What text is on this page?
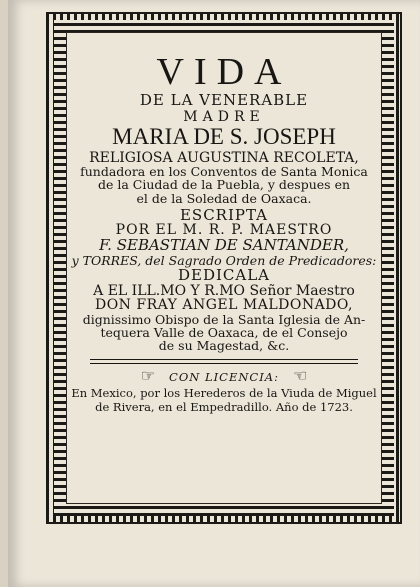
VIDA
DE LA VENERABLE
MADRE
MARIA DE S. JOSEPH
RELIGIOSA AUGUSTINA RECOLETA,
fundadora en los Conventos de Santa Monica
de la Ciudad de la Puebla, y despues en
el de la Soledad de Oaxaca.
ESCRIPTA
POR EL M. R. P. MAESTRO
F. SEBASTIAN DE SANTANDER,
y TORRES, del Sagrado Orden de Predicadores:
DEDICALA
A EL ILL.MO Y R.MO Señor Maestro
DON FRAY ANGEL MALDONADO,
dignissimo Obispo de la Santa Iglesia de An-
tequera Valle de Oaxaca, de el Consejo
de su Magestad, &c.
☞ CON LICENCIA: ☜
En Mexico, por los Herederos de la Viuda de Miguel
de Rivera, en el Empedradillo. Año de 1723.
